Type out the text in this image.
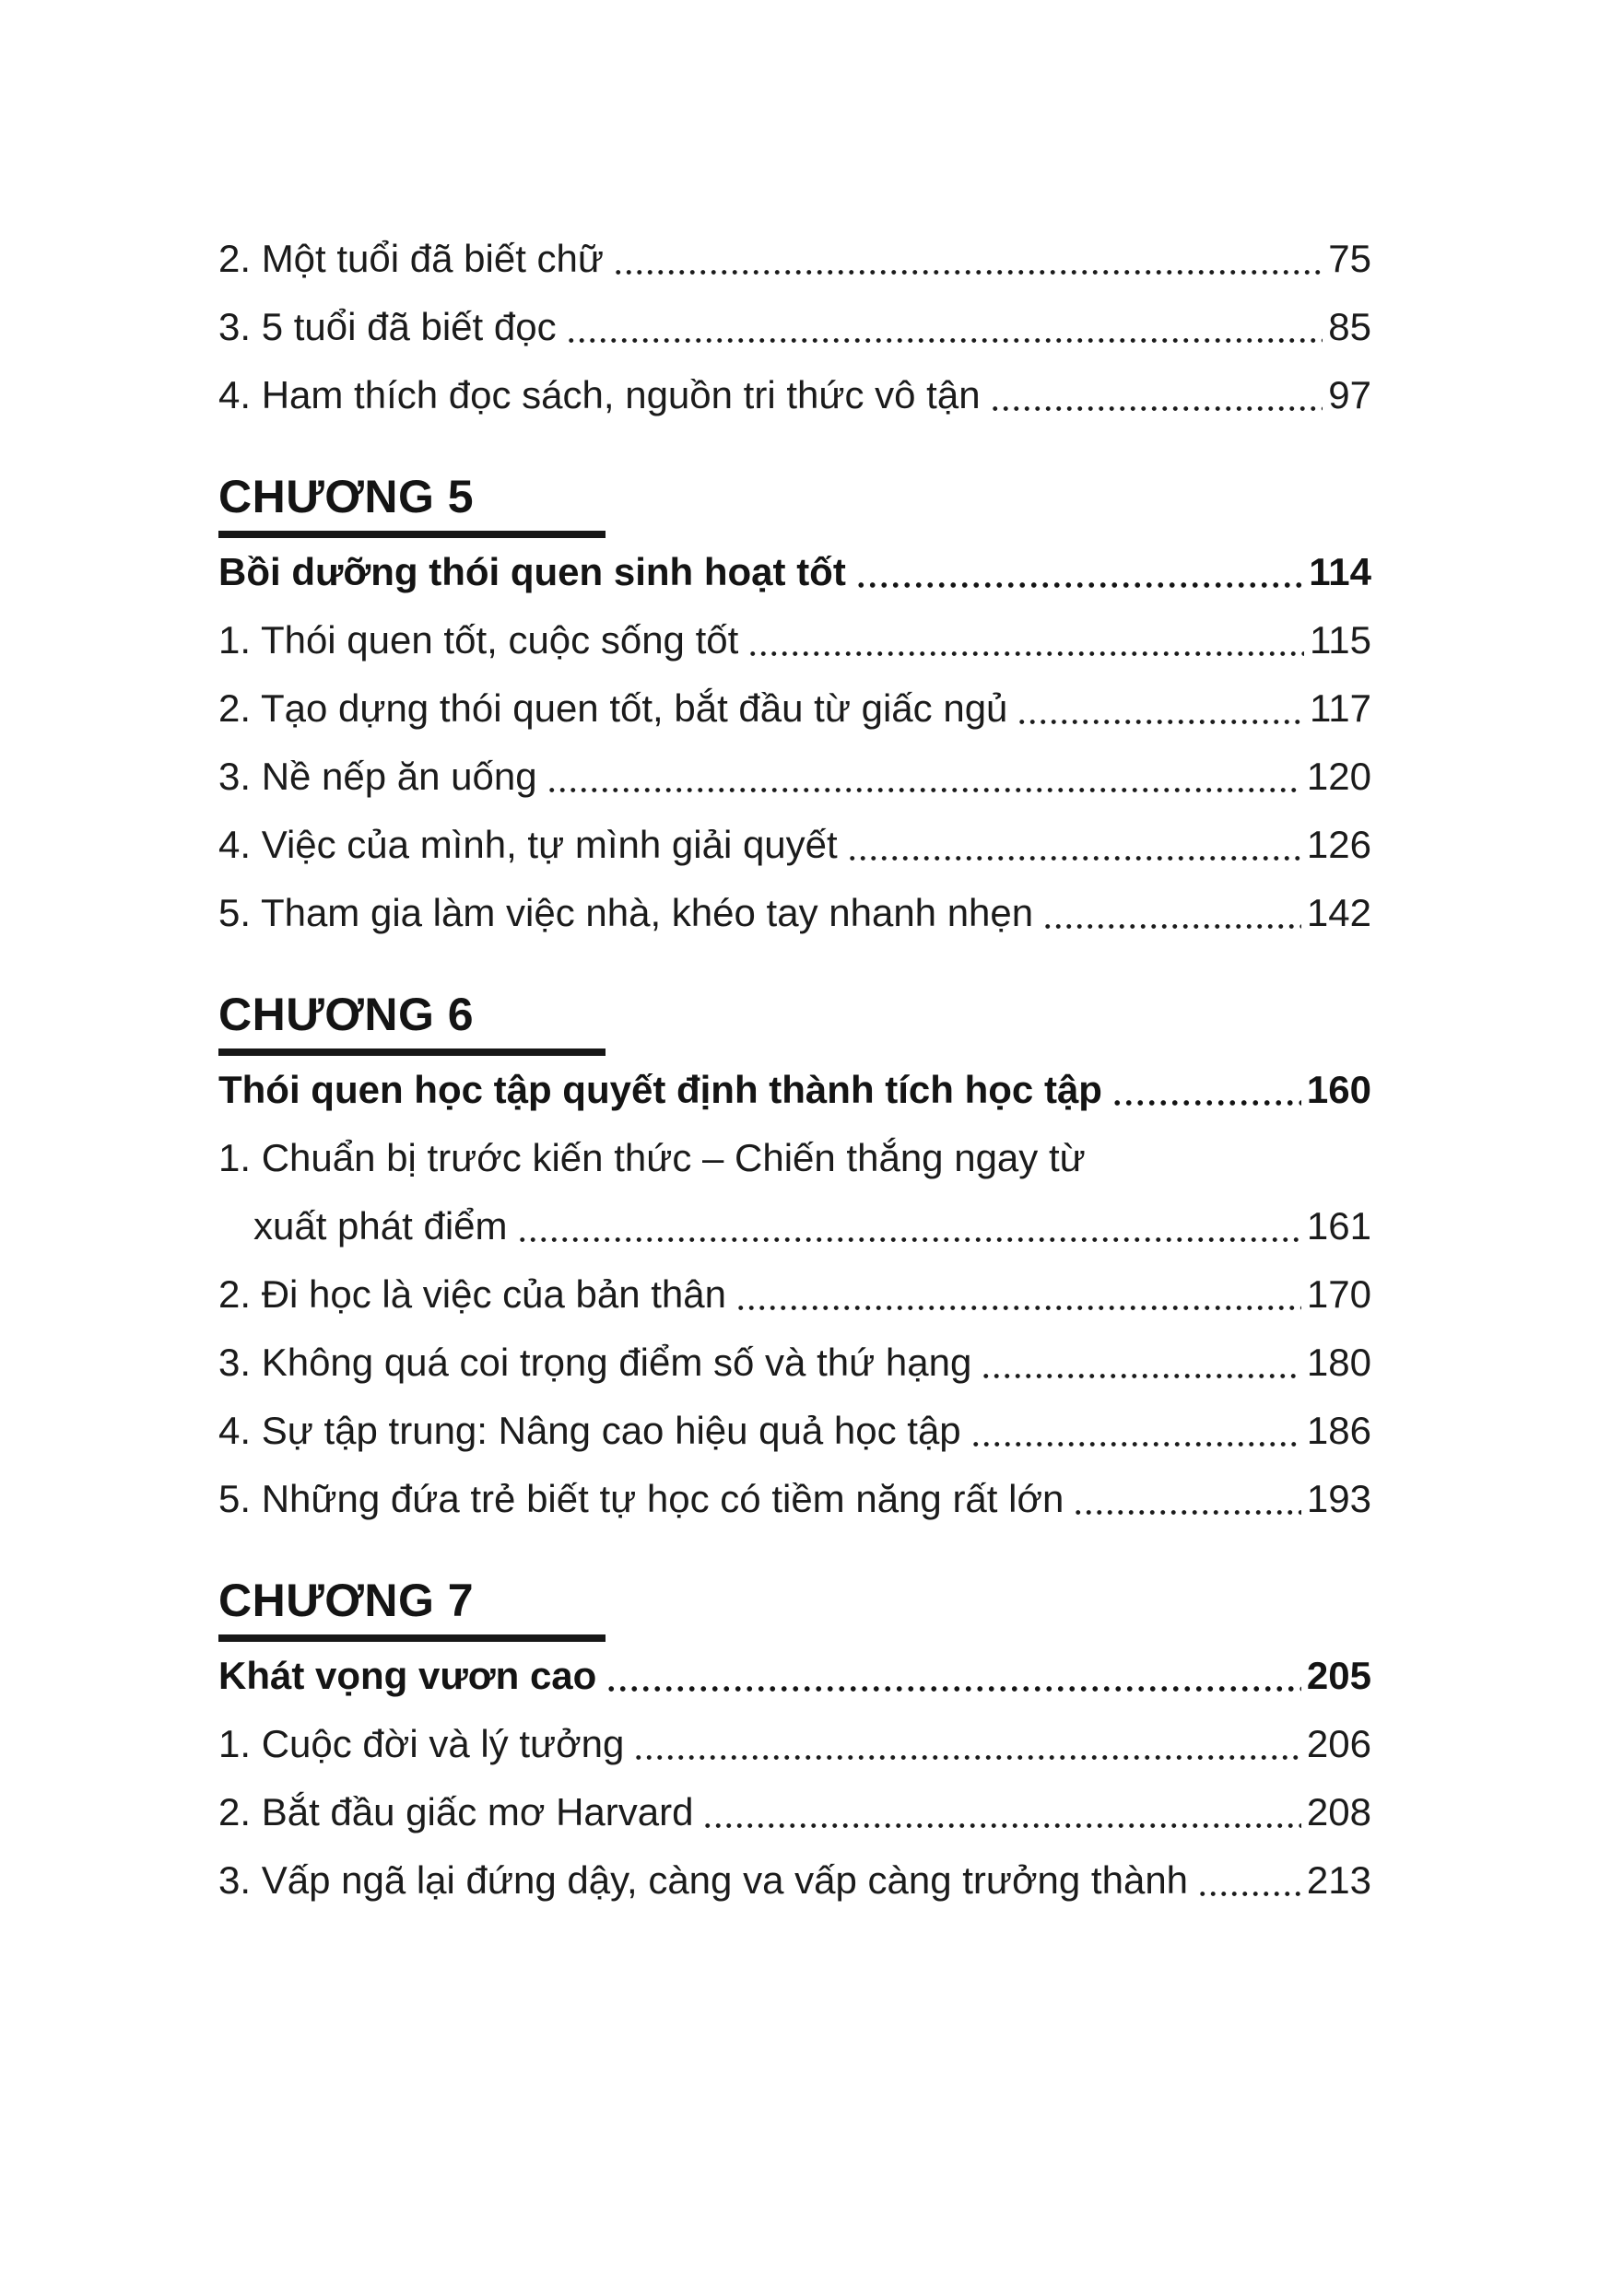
2. Một tuổi đã biết chữ	75
3. 5 tuổi đã biết đọc	85
4. Ham thích đọc sách, nguồn tri thức vô tận	97
CHƯƠNG 5
Bồi dưỡng thói quen sinh hoạt tốt	114
1. Thói quen tốt, cuộc sống tốt	115
2. Tạo dựng thói quen tốt, bắt đầu từ giấc ngủ	117
3. Nề nếp ăn uống	120
4. Việc của mình, tự mình giải quyết	126
5. Tham gia làm việc nhà, khéo tay nhanh nhẹn	142
CHƯƠNG 6
Thói quen học tập quyết định thành tích học tập	160
1. Chuẩn bị trước kiến thức – Chiến thắng ngay từ
xuất phát điểm	161
2. Đi học là việc của bản thân	170
3. Không quá coi trọng điểm số và thứ hạng	180
4. Sự tập trung: Nâng cao hiệu quả học tập	186
5. Những đứa trẻ biết tự học có tiềm năng rất lớn	193
CHƯƠNG 7
Khát vọng vươn cao	205
1. Cuộc đời và lý tưởng	206
2. Bắt đầu giấc mơ Harvard	208
3. Vấp ngã lại đứng dậy, càng va vấp càng trưởng thành	213
